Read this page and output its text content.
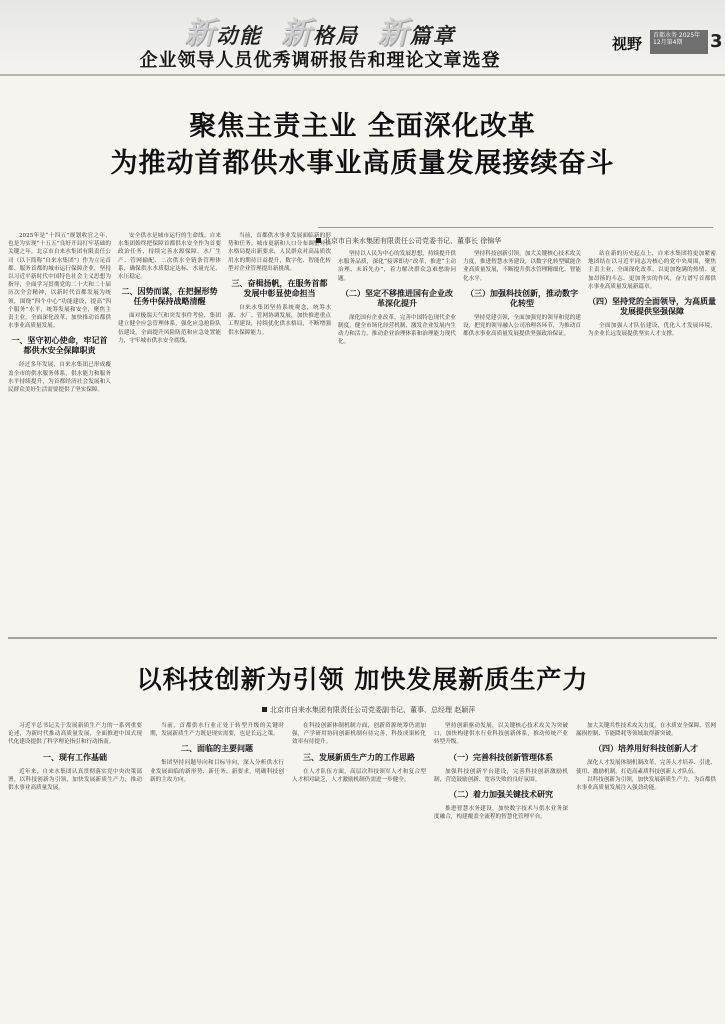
新动能 新格局 新篇章
企业领导人员优秀调研报告和理论文章选登
视野	首都水务 2025年12月第4期	3
聚焦主责主业 全面深化改革
为推动首都供水事业高质量发展接续奋斗
北京市自来水集团有限责任公司党委书记、董事长 徐锦华

2025年是“十四五”规划收官之年，也是为实现“十五五”良好开局打牢基础的关键之年。北京市自来水集团有限责任公司（以下简称“自来水集团”）作为立足首都、服务首都的城市运行保障企业，坚持以习近平新时代中国特色社会主义思想为指导，全面学习贯彻党的二十大和二十届历次全会精神，以新时代首都发展为统领，围绕“四个中心”功能建设，提高“四个服务”水平，统筹发展和安全，聚焦主责主业，全面深化改革，加快推动首都供水事业高质量发展。

一、坚守初心使命，牢记首都供水安全保障职责

经过多年发展，自来水集团已形成覆盖全市的供水服务体系，供水能力和服务水平持续提升，为首都经济社会发展和人民群众美好生活需要提供了坚实保障。

安全供水是城市运行的生命线。自来水集团始终把保障首都供水安全作为首要政治任务，持续完善水源保障、水厂生产、管网输配、二次供水全链条管理体系，确保供水水质稳定达标、水量充足、水压稳定。

二、因势而谋，在把握形势任务中保持战略清醒

面对极端天气和突发事件考验，集团建立健全应急管理体系，强化应急抢险队伍建设，全面提升风险防范和应急处置能力，守牢城市供水安全底线。

当前，首都供水事业发展面临新的形势和任务。城市更新和人口分布调整对供水格局提出新要求，人民群众对高品质饮用水的期待日益提升，数字化、智能化转型对企业管理提出新挑战。

三、奋楫扬帆，在服务首都发展中彰显使命担当

自来水集团坚持系统观念，统筹水源、水厂、管网协调发展，加快推进重点工程建设，持续优化供水格局，不断增强供水保障能力。

坚持以人民为中心的发展思想，持续提升供水服务品质，深化“接诉即办”改革，推进“主动治理、未诉先办”，着力解决群众急难愁盼问题。

（二）坚定不移推进国有企业改革深化提升

深化国有企业改革，完善中国特色现代企业制度，健全市场化经营机制，激发企业发展内生动力和活力，推动企业治理体系和治理能力现代化。

坚持科技创新引领，加大关键核心技术攻关力度，推进智慧水务建设，以数字化转型赋能企业高质量发展，不断提升供水管理精细化、智能化水平。

（三）加强科技创新，推动数字化转型

坚持党建引领，全面加强党的领导和党的建设，把党的领导融入公司治理各环节，为推动首都供水事业高质量发展提供坚强政治保证。

站在新的历史起点上，自来水集团将更加紧密地团结在以习近平同志为核心的党中央周围，聚焦主责主业，全面深化改革，以更加饱满的热情、更加昂扬的斗志、更加务实的作风，奋力谱写首都供水事业高质量发展新篇章。

（四）坚持党的全面领导，为高质量发展提供坚强保障

全面加强人才队伍建设，优化人才发展环境，为企业长远发展提供坚实人才支撑。

以科技创新为引领 加快发展新质生产力
北京市自来水集团有限责任公司党委副书记、董事、总经理 赵颖萍

习近平总书记关于发展新质生产力的一系列重要论述，为新时代推动高质量发展，全面推进中国式现代化建设提供了科学理论指引和行动指南。

一、现有工作基础

近年来，自来水集团认真贯彻落实党中央决策部署，以科技创新为引领，加快发展新质生产力，推动供水事业高质量发展。

当前，首都供水行业正处于转型升级的关键时期，发展新质生产力既是现实需要，也是长远之策。

二、面临的主要问题

集团坚持问题导向和目标导向，深入分析供水行业发展面临的新形势、新任务、新要求，明确科技创新的主攻方向。

在科技创新体制机制方面，创新资源统筹仍需加强，产学研用协同创新机制有待完善，科技成果转化效率有待提升。

三、发展新质生产力的工作思路

在人才队伍方面，高层次科技领军人才和复合型人才相对缺乏，人才激励机制仍需进一步健全。

坚持创新驱动发展，以关键核心技术攻关为突破口，加快构建供水行业科技创新体系，推动传统产业转型升级。

（一）完善科技创新管理体系

加强科技创新平台建设，完善科技创新激励机制，营造鼓励创新、宽容失败的良好氛围。

（二）着力加强关键技术研究

推进智慧水务建设，加快数字技术与供水业务深度融合，构建覆盖全流程的智慧化管理平台。

加大关键共性技术攻关力度，在水质安全保障、管网漏损控制、节能降耗等领域取得新突破。

（四）培养用好科技创新人才

深化人才发展体制机制改革，完善人才培养、引进、使用、激励机制，打造高素质科技创新人才队伍。

以科技创新为引领，加快发展新质生产力，为首都供水事业高质量发展注入强劲动能。
